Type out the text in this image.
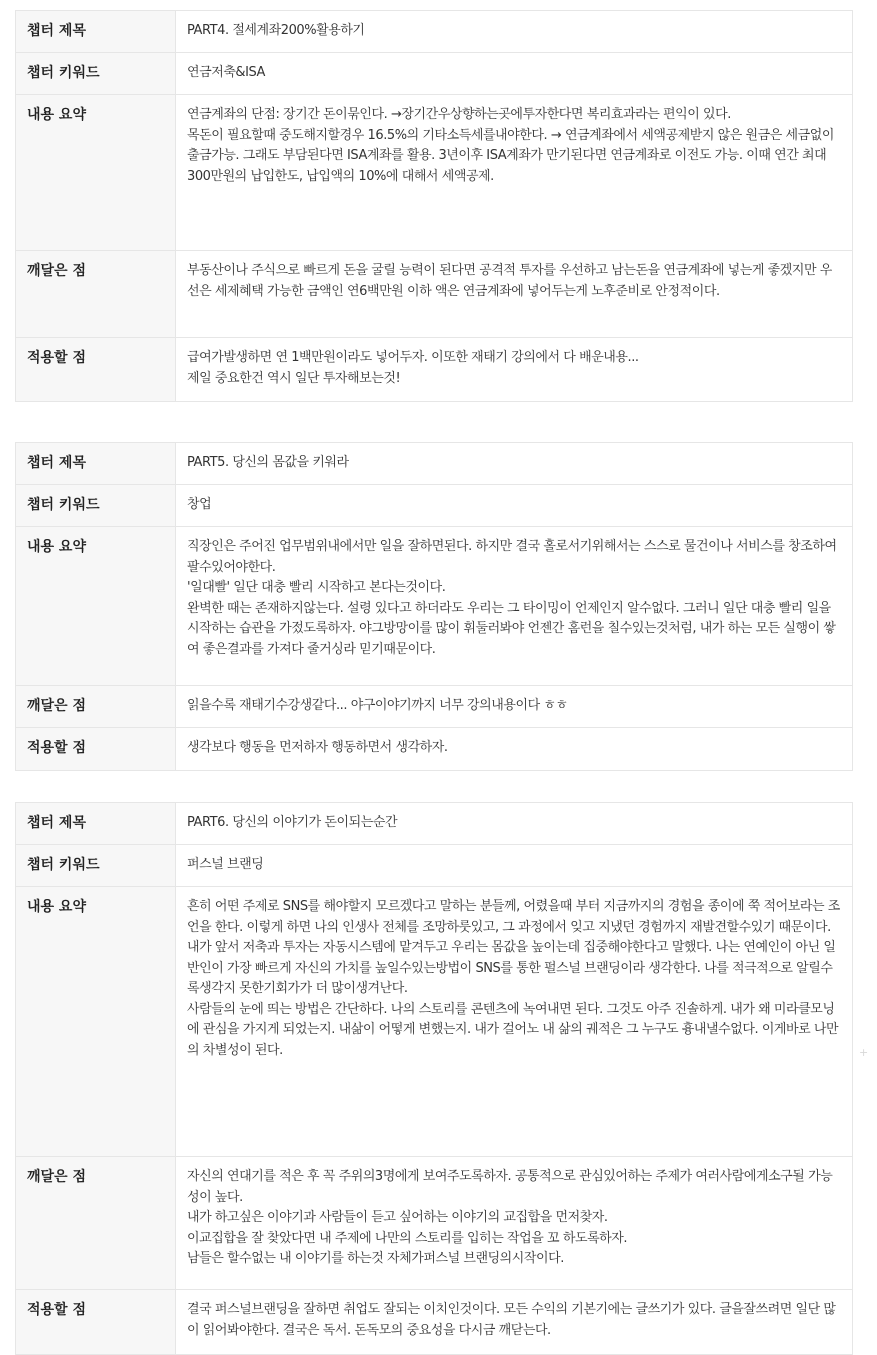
챕터 제목	PART4. 절세계좌200%활용하기
챕터 키워드	연금저축&ISA
내용 요약	연금계좌의 단점: 장기간 돈이묶인다. →장기간우상향하는곳에투자한다면 복리효과라는 편익이 있다.
목돈이 필요할때 중도해지할경우 16.5%의 기타소득세를내야한다. → 연금계좌에서 세액공제받지 않은 원금은 세금없이출금가능. 그래도 부담된다면 ISA계좌를 활용. 3년이후 ISA계좌가 만기된다면 연금계좌로 이전도 가능. 이때 연간 최대 300만원의 납입한도, 납입액의 10%에 대해서 세액공제.
깨달은 점	부동산이나 주식으로 빠르게 돈을 굴릴 능력이 된다면 공격적 투자를 우선하고 남는돈을 연금계좌에 넣는게 좋겠지만 우선은 세제혜택 가능한 금액인 연6백만원 이하 액은 연금계좌에 넣어두는게 노후준비로 안정적이다.
적용할 점	급여가발생하면 연 1백만원이라도 넣어두자. 이또한 재태기 강의에서 다 배운내용...
제일 중요한건 역시 일단 투자해보는것!
챕터 제목	PART5. 당신의 몸값을 키워라
챕터 키워드	창업
내용 요약	직장인은 주어진 업무범위내에서만 일을 잘하면된다. 하지만 결국 홀로서기위해서는 스스로 물건이나 서비스를 창조하여 팔수있어야한다.
'일대빨' 일단 대충 빨리 시작하고 본다는것이다.
완벽한 때는 존재하지않는다. 설령 있다고 하더라도 우리는 그 타이밍이 언제인지 알수없다. 그러니 일단 대충 빨리 일을 시작하는 습관을 가젔도록하자. 야그방망이를 많이 휘둘러봐야 언젠간 홈런을 칠수있는것처럼, 내가 하는 모든 실행이 쌓여 좋은결과를 가져다 줄거싱라 믿기때문이다.
깨달은 점	읽을수록 재태기수강생같다... 야구이야기까지 너무 강의내용이다 ㅎㅎ
적용할 점	생각보다 행동을 먼저하자 행동하면서 생각하자.
챕터 제목	PART6. 당신의 이야기가 돈이되는순간
챕터 키워드	퍼스널 브랜딩
내용 요약	흔히 어떤 주제로 SNS를 해야할지 모르겠다고 말하는 분들께, 어렸을때 부터 지금까지의 경험을 종이에 쭉 적어보라는 조언을 한다. 이렇게 하면 나의 인생사 전체를 조망하룻있고, 그 과정에서 잊고 지냈던 경험까지 재발견할수있기 때문이다.
내가 앞서 저축과 투자는 자동시스템에 맡겨두고 우리는 몸값을 높이는데 집중해야한다고 말했다. 나는 연예인이 아닌 일반인이 가장 빠르게 자신의 가치를 높일수있는방법이 SNS를 통한 펄스널 브랜딩이라 생각한다. 나를 적극적으로 알릴수록생각지 못한기회가가 더 많이생겨난다.
사람들의 눈에 띄는 방법은 간단하다. 나의 스토리를 콘텐츠에 녹여내면 된다. 그것도 아주 진솔하게. 내가 왜 미라클모닝에 관심을 가지게 되었는지. 내삶이 어떻게 변했는지. 내가 걸어노 내 삶의 궤적은 그 누구도 흉내낼수없다. 이게바로 나만의 차별성이 된다.
깨달은 점	자신의 연대기를 적은 후 꼭 주위의3명에게 보여주도록하자. 공통적으로 관심있어하는 주제가 여러사람에게소구될 가능성이 높다.
내가 하고싶은 이야기과 사람들이 듣고 싶어하는 이야기의 교집합을 먼저찾자.
이교집합을 잘 찾았다면 내 주제에 나만의 스토리를 입히는 작업을 꼬 하도록하자.
남들은 할수없는 내 이야기를 하는것 자체가퍼스널 브랜딩의시작이다.
적용할 점	결국 퍼스널브랜딩을 잘하면 취업도 잘되는 이치인것이다. 모든 수익의 기본기에는 글쓰기가 있다. 글을잘쓰려면 일단 많이 읽어봐야한다. 결국은 독서. 돈독모의 중요성을 다시금 깨닫는다.
+
